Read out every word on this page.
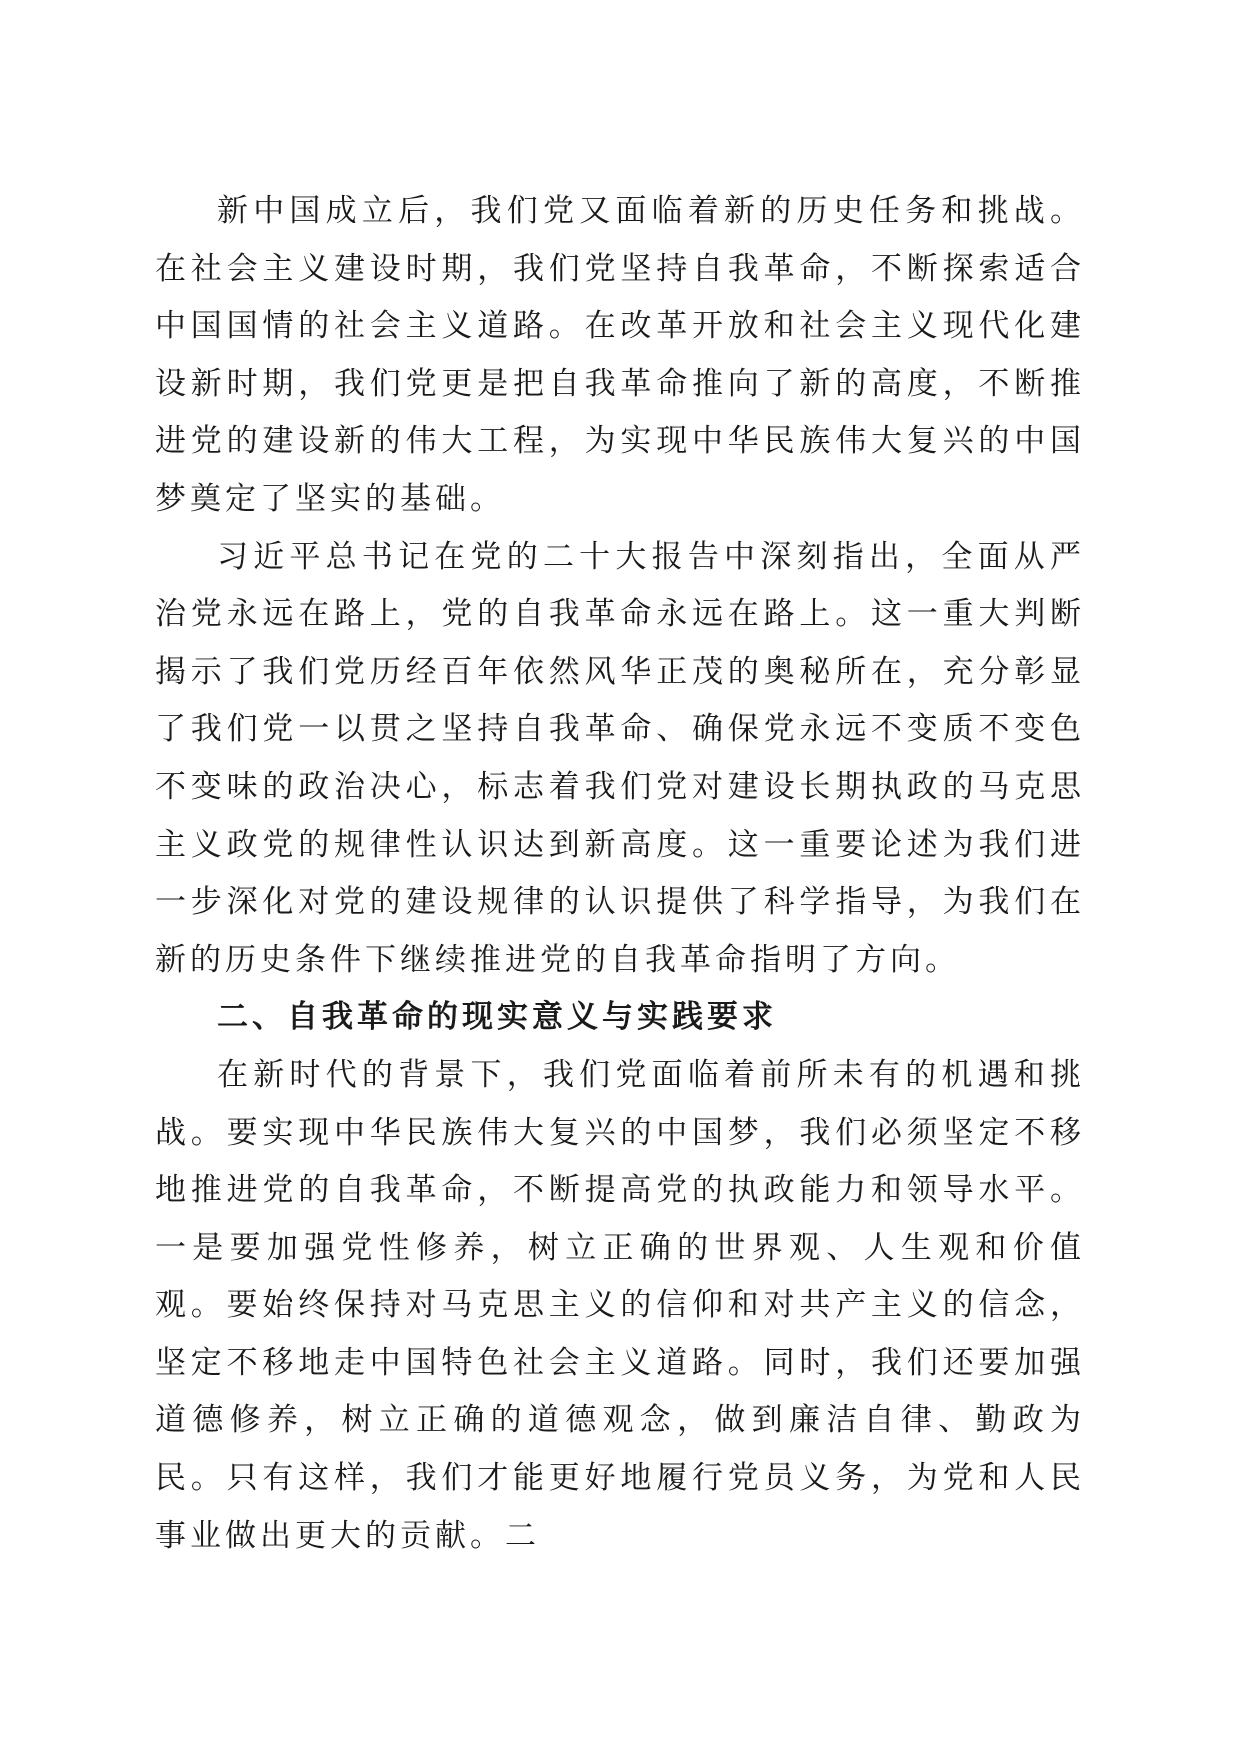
新中国成立后，我们党又面临着新的历史任务和挑战。在社会主义建设时期，我们党坚持自我革命，不断探索适合中国国情的社会主义道路。在改革开放和社会主义现代化建设新时期，我们党更是把自我革命推向了新的高度，不断推进党的建设新的伟大工程，为实现中华民族伟大复兴的中国梦奠定了坚实的基础。

习近平总书记在党的二十大报告中深刻指出，全面从严治党永远在路上，党的自我革命永远在路上。这一重大判断揭示了我们党历经百年依然风华正茂的奥秘所在，充分彰显了我们党一以贯之坚持自我革命、确保党永远不变质不变色不变味的政治决心，标志着我们党对建设长期执政的马克思主义政党的规律性认识达到新高度。这一重要论述为我们进一步深化对党的建设规律的认识提供了科学指导，为我们在新的历史条件下继续推进党的自我革命指明了方向。

二、自我革命的现实意义与实践要求

在新时代的背景下，我们党面临着前所未有的机遇和挑战。要实现中华民族伟大复兴的中国梦，我们必须坚定不移地推进党的自我革命，不断提高党的执政能力和领导水平。一是要加强党性修养，树立正确的世界观、人生观和价值观。要始终保持对马克思主义的信仰和对共产主义的信念，坚定不移地走中国特色社会主义道路。同时，我们还要加强道德修养，树立正确的道德观念，做到廉洁自律、勤政为民。只有这样，我们才能更好地履行党员义务，为党和人民事业做出更大的贡献。二
